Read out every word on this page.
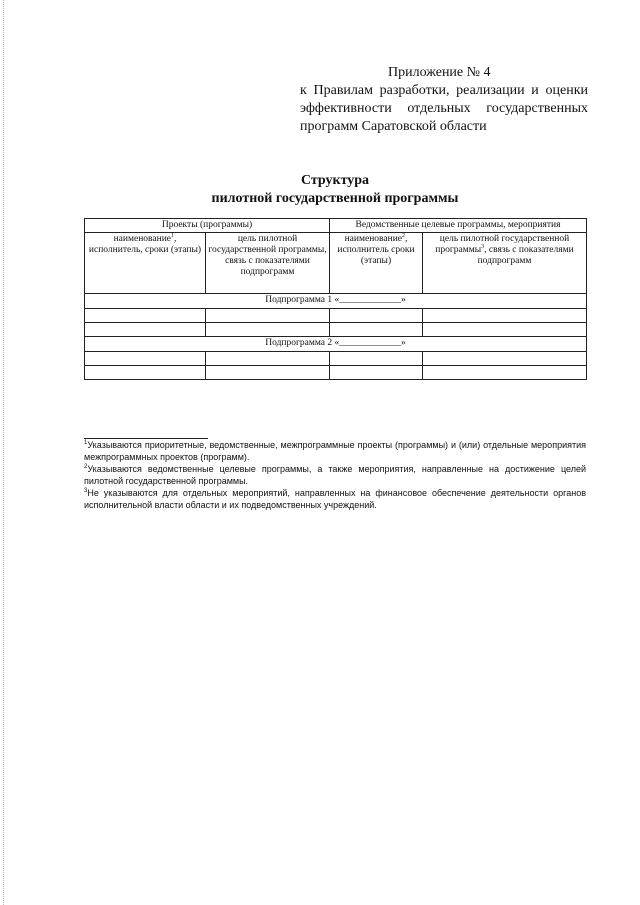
Приложение № 4
к Правилам разработки, реализации и оценки эффективности отдельных государственных программ Саратовской области
Структура
пилотной государственной программы
Проекты (программы)		Ведомственные целевые программы, мероприятия	
наименование$^1$, исполнитель, сроки (этапы)	цель пилотной государственной программы, связь с показателями подпрограмм	наименование$^2$, исполнитель сроки (этапы)	цель пилотной государственной программы$^3$, связь с показателями подпрограмм
Подпрограмма 1 «_____________»			

Подпрограмма 2 «_____________»			

$^1$Указываются приоритетные, ведомственные, межпрограммные проекты (программы) и (или) отдельные мероприятия межпрограммных проектов (программ).

$^2$Указываются ведомственные целевые программы, а также мероприятия, направленные на достижение целей пилотной государственной программы.

$^3$Не указываются для отдельных мероприятий, направленных на финансовое обеспечение деятельности органов исполнительной власти области и их подведомственных учреждений.
